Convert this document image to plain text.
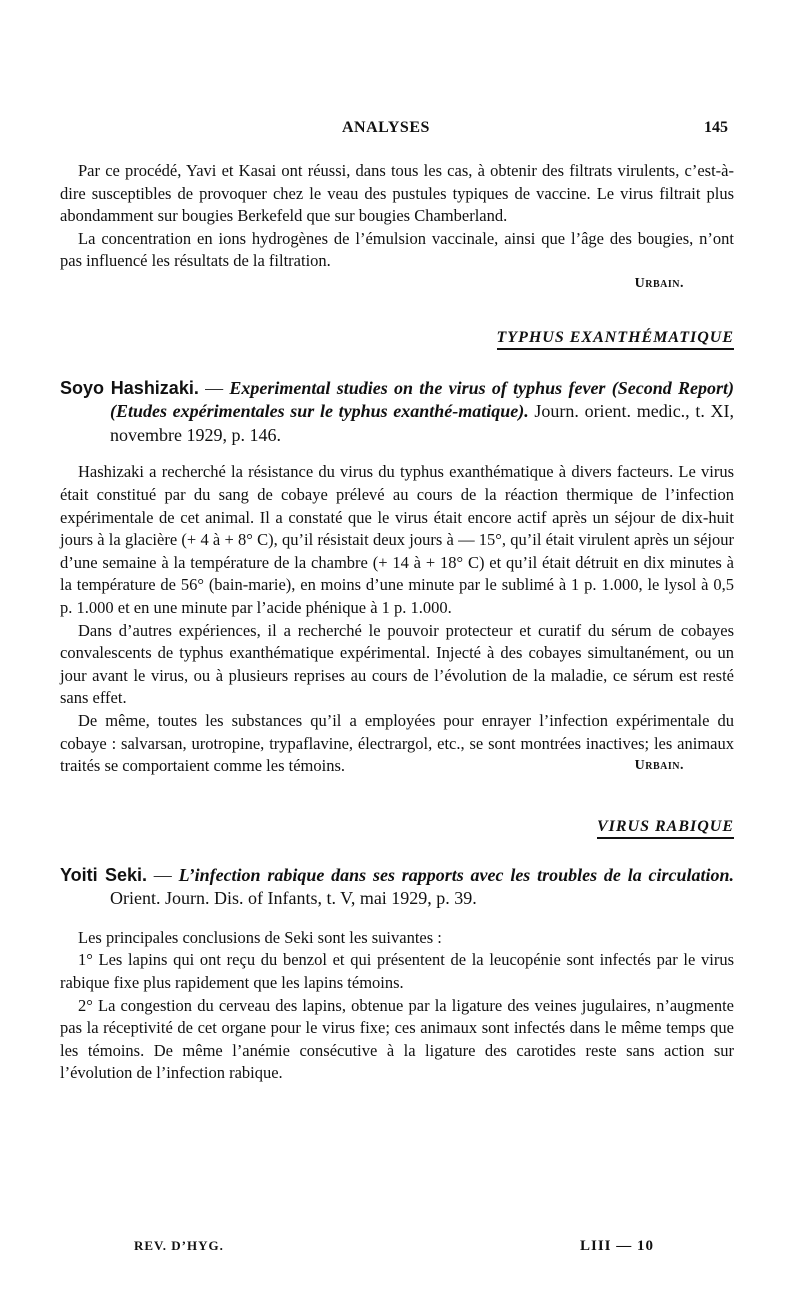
ANALYSES	145

Par ce procédé, Yavi et Kasai ont réussi, dans tous les cas, à obtenir des filtrats virulents, c’est-à-dire susceptibles de provoquer chez le veau des pustules typiques de vaccine. Le virus filtrait plus abondamment sur bougies Berkefeld que sur bougies Chamberland.

La concentration en ions hydrogènes de l’émulsion vaccinale, ainsi que l’âge des bougies, n’ont pas influencé les résultats de la filtration.

Urbain.
TYPHUS EXANTHÉMATIQUE
Soyo Hashizaki. — Experimental studies on the virus of typhus fever (Second Report) (Etudes expérimentales sur le typhus exanthé-matique). Journ. orient. medic., t. XI, novembre 1929, p. 146.

Hashizaki a recherché la résistance du virus du typhus exanthématique à divers facteurs. Le virus était constitué par du sang de cobaye prélevé au cours de la réaction thermique de l’infection expérimentale de cet animal. Il a constaté que le virus était encore actif après un séjour de dix-huit jours à la glacière (+ 4 à + 8° C), qu’il résistait deux jours à — 15°, qu’il était virulent après un séjour d’une semaine à la température de la chambre (+ 14 à + 18° C) et qu’il était détruit en dix minutes à la température de 56° (bain-marie), en moins d’une minute par le sublimé à 1 p. 1.000, le lysol à 0,5 p. 1.000 et en une minute par l’acide phénique à 1 p. 1.000.

Dans d’autres expériences, il a recherché le pouvoir protecteur et curatif du sérum de cobayes convalescents de typhus exanthématique expérimental. Injecté à des cobayes simultanément, ou un jour avant le virus, ou à plusieurs reprises au cours de l’évolution de la maladie, ce sérum est resté sans effet.

De même, toutes les substances qu’il a employées pour enrayer l’infection expérimentale du cobaye : salvarsan, urotropine, trypaflavine, électrargol, etc., se sont montrées inactives; les animaux traités se comportaient comme les témoins.	Urbain.

VIRUS RABIQUE
Yoiti Seki. — L’infection rabique dans ses rapports avec les troubles de la circulation. Orient. Journ. Dis. of Infants, t. V, mai 1929, p. 39.

Les principales conclusions de Seki sont les suivantes :

1° Les lapins qui ont reçu du benzol et qui présentent de la leucopénie sont infectés par le virus rabique fixe plus rapidement que les lapins témoins.

2° La congestion du cerveau des lapins, obtenue par la ligature des veines jugulaires, n’augmente pas la réceptivité de cet organe pour le virus fixe; ces animaux sont infectés dans le même temps que les témoins. De même l’anémie consécutive à la ligature des carotides reste sans action sur l’évolution de l’infection rabique.

REV. D’HYG.	LIII — 10
